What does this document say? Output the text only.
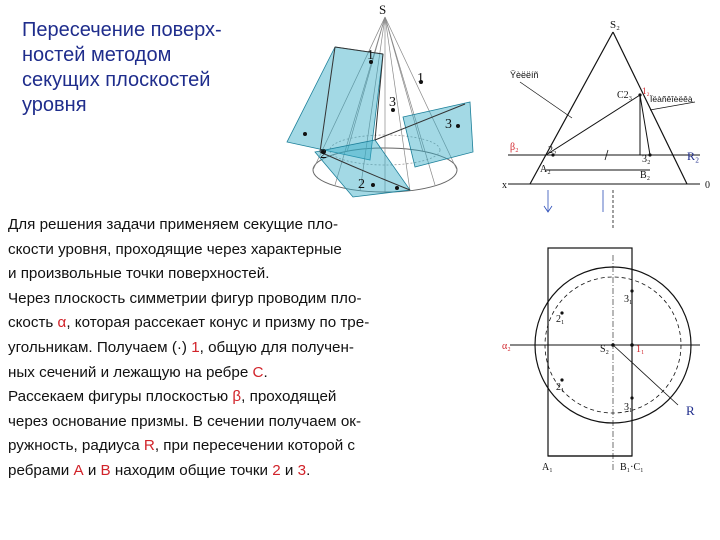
Пересечение поверх-
ностей методом
секущих плоскостей
уровня
S
1
2
3
1
3
2
S₂
C2₃ 1₂
A₂
B₂
2₂
3₂
β₂
R₂
x	0
Ÿèëëíñ
Ïëàñêîèëêà
α₂	S₂	1₁
2₁
2₁
3₁
3₁	R
A₁	B₁·C₁
Для решения задачи применяем секущие пло-
скости уровня, проходящие через характерные
и произвольные точки поверхностей.
Через плоскость симметрии фигур проводим пло-
скость α, которая рассекает конус и призму по тре-
угольникам. Получаем (·) 1, общую для получен-
ных сечений и лежащую на ребре С.
Рассекаем фигуры плоскостью β, проходящей
через основание призмы. В сечении получаем ок-
ружность, радиуса R, при пересечении которой с
ребрами А и В находим общие точки 2 и 3.
